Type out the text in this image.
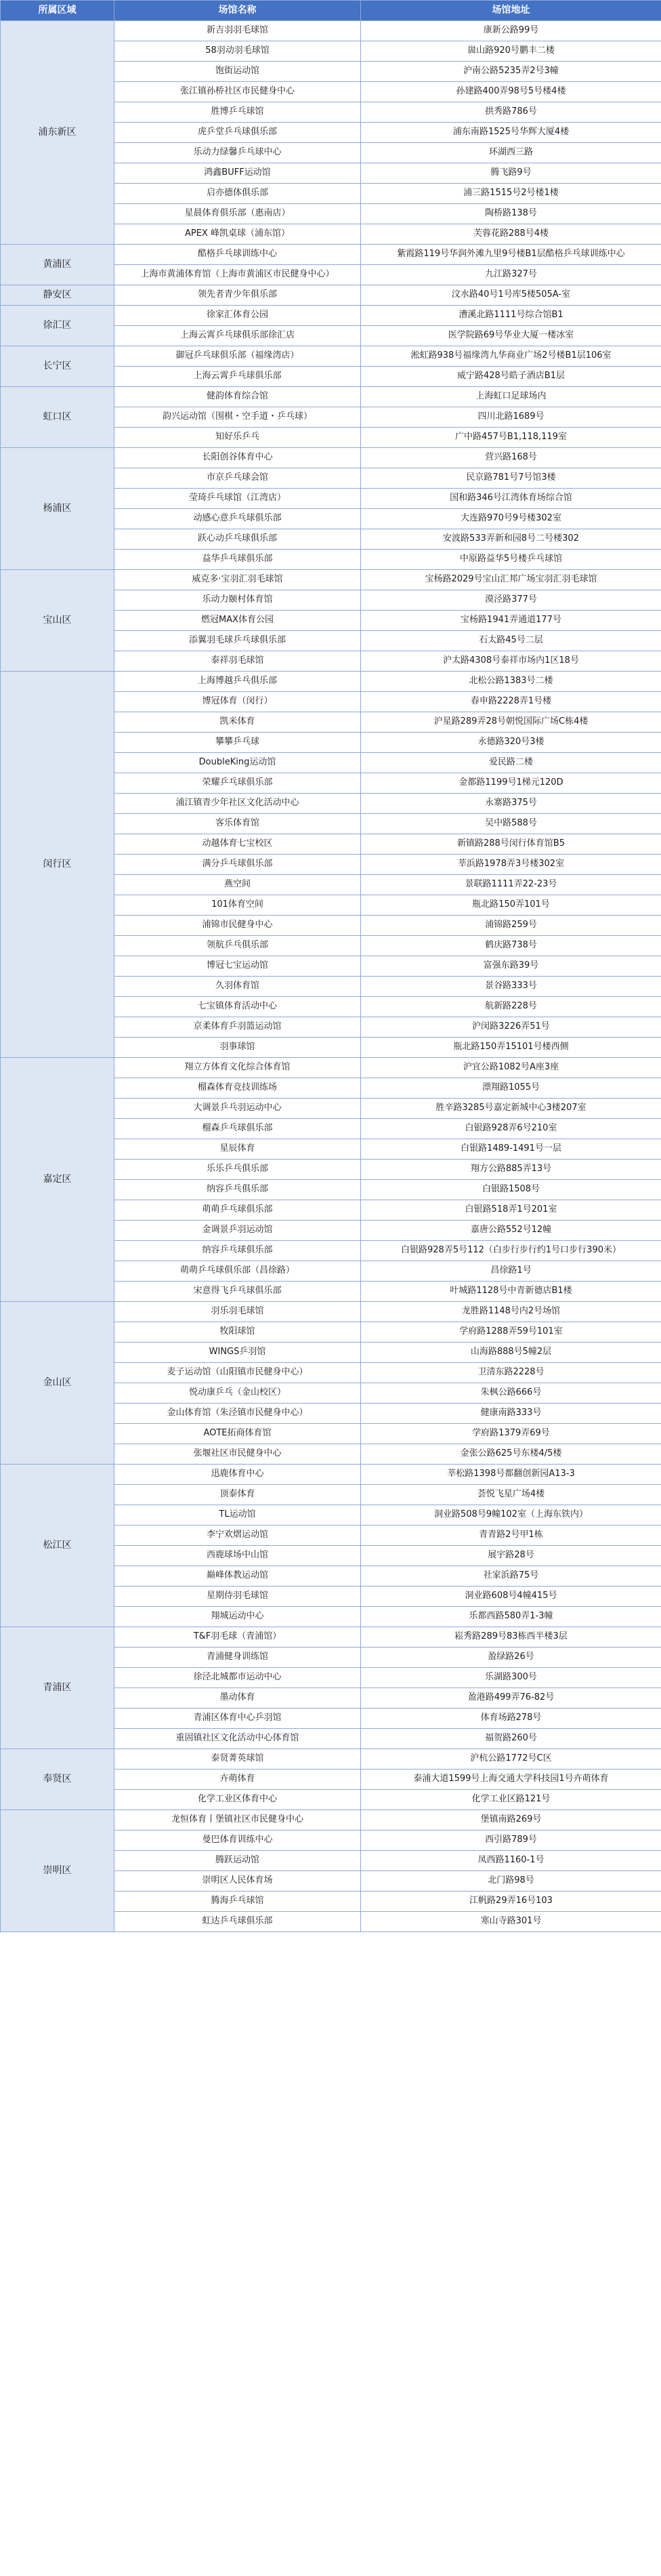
所属区域	场馆名称	场馆地址
浦东新区	新吉羽羽毛球馆	康新公路99号
	58羽动羽毛球馆	崮山路920号鹏丰二楼
	饱街运动馆	沪南公路5235弄2号3幢
	张江镇孙桥社区市民健身中心	孙建路400弄98号5号楼4楼
	胜博乒乓球馆	拱秀路786号
	虎乒堂乒乓球俱乐部	浦东南路1525号华辉大厦4楼
	乐动力绿馨乒乓球中心	环湖西三路
	鸿鑫BUFF运动馆	腾飞路9号
	启亦德体俱乐部	浦三路1515号2号楼1楼
	星晨体育俱乐部（惠南店）	陶桥路138号
	APEX 峰凯桌球（浦东馆）	芙蓉花路288号4楼
黄浦区	酷格乒乓球训练中心	紫霞路119号华润外滩九里9号楼B1层酷格乒乓球训练中心
	上海市黄浦体育馆（上海市黄浦区市民健身中心）	九江路327号
静安区	领先者青少年俱乐部	汶水路40号1号库5楼505A-室
徐汇区	徐家汇体育公园	漕溪北路1111号综合馆B1
	上海云霄乒乓球俱乐部徐汇店	医学院路69号华业大厦一楼冰室
长宁区	御冠乒乓球俱乐部（福缘湾店）	淞虹路938号福缘湾九华商业广场2号楼B1层106室
	上海云霄乒乓球俱乐部	威宁路428号皓子酒店B1层
虹口区	健韵体育综合馆	上海虹口足球场内
	韵兴运动馆（围棋・空手道・乒乓球）	四川北路1689号
	知好乐乒乓	广中路457号B1,118,119室
杨浦区	长阳创谷体育中心	营兴路168号
	市京乒乓球会馆	民京路781号7号馆3楼
	莹琦乒乓球馆（江湾店）	国和路346号江湾体育场综合馆
	动感心意乒乓球俱乐部	大连路970号9号楼302室
	跃心动乒乓球俱乐部	安波路533弄新和园8号二号楼302
	益华乒乓球俱乐部	中原路益华5号楼乒乓球馆
宝山区	威克多·宝羽汇羽毛球馆	宝杨路2029号宝山汇邦广场宝羽汇羽毛球馆
	乐动力颐村体育馆	漠泾路377号
	燃冠MAX体育公园	宝杨路1941弄通道177号
	添翼羽毛球乒乓球俱乐部	石太路45号二层
	泰祥羽毛球馆	沪太路4308号泰祥市场内1区18号
闵行区	上海博越乒乓俱乐部	北松公路1383号二楼
	博冠体育（闵行）	春申路2228弄1号楼
	凯米体育	沪星路289弄28号朝悦国际广场C栋4楼
	攀攀乒乓球	永德路320号3楼
	DoubleKing运动馆	爱民路二楼
	荣耀乒乓球俱乐部	金都路1199号1梯元120D
	浦江镇青少年社区文化活动中心	永寨路375号
	客乐体育馆	吴中路588号
	动越体育七宝校区	新镇路288号闵行体育馆B5
	满分乒乓球俱乐部	莘浜路1978弄3号楼302室
	燕空间	景联路1111弄22-23号
	101体育空间	瓶北路150弄101号
	浦锦市民健身中心	浦锦路259号
	领航乒乓俱乐部	鹤庆路738号
	博冠七宝运动馆	富强东路39号
	久羽体育馆	景谷路333号
	七宝镇体育活动中心	航新路228号
	京柔体育乒羽篮运动馆	沪闵路3226弄51号
	羽事球馆	瓶北路150弄15101号楼西侧
嘉定区	翔立方体育文化综合体育馆	沪宜公路1082号A座3座
	榴森体育竞技训练场	漂翔路1055号
	大调景乒乓羽运动中心	胜辛路3285号嘉定新城中心3楼207室
	榴森乒乓球俱乐部	白银路928弄6号210室
	星辰体育	白银路1489-1491号一层
	乐乐乒乓俱乐部	翔方公路885弄13号
	纳容乒乓俱乐部	白银路1508号
	萌萌乒乓球俱乐部	白银路518弄1号201室
	金调景乒羽运动馆	嘉唐公路552号12幢
	纳容乒乓球俱乐部	白银路928弄5号112（白步行步行约1号口步行390米）
	萌萌乒乓球俱乐部（昌徐路）	昌徐路1号
	宋意得飞乒乓球俱乐部	叶城路1128号中青新德店B1楼
金山区	羽乐羽毛球馆	龙胜路1148号内2号场馆
	牧阳球馆	学府路1288弄59号101室
	WINGS乒羽馆	山海路888号5幢2层
	麦子运动馆（山阳镇市民健身中心）	卫清东路2228号
	悦动康乒乓（金山校区）	朱枫公路666号
	金山体育馆（朱泾镇市民健身中心）	健康南路333号
	AOTE拓商体育馆	学府路1379弄69号
	张堰社区市民健身中心	金张公路625号东楼4/5楼
松江区	迅鹿体育中心	莘松路1398号都翻创新园A13-3
	顶泰体育	荟悦飞星广场4楼
	TL运动馆	洞业路508号9幢102室（上海东铁内）
	李宁欢熠运动馆	青青路2号甲1栋
	西鹿球场中山馆	展宇路28号
	巅峰体教运动馆	社家浜路75号
	星期侍羽毛球馆	洞业路608号4幢415号
	翔城运动中心	乐都西路580弄1-3幢
青浦区	T&F羽毛球（青浦馆）	崧秀路289号83栋西半楼3层
	青浦健身训练馆	盈绿路26号
	徐泾北城都市运动中心	乐湖路300号
	墨动体育	盈港路499弄76-82号
	青浦区体育中心乒羽馆	体育场路278号
	重固镇社区文化活动中心体育馆	福贺路260号
奉贤区	泰贤菁英球馆	沪杭公路1772号C区
	卉萌体育	泰浦大道1599号上海交通大学科技园1号卉萌体育
	化学工业区体育中心	化学工业区路121号
崇明区	龙恒体育丨堡镇社区市民健身中心	堡镇南路269号
	曼巴体育训练中心	西引路789号
	腾跃运动馆	凤西路1160-1号
	崇明区人民体育场	北门路98号
	腾海乒乓球馆	江帆路29弄16号103
	虹达乒乓球俱乐部	寒山寺路301号
